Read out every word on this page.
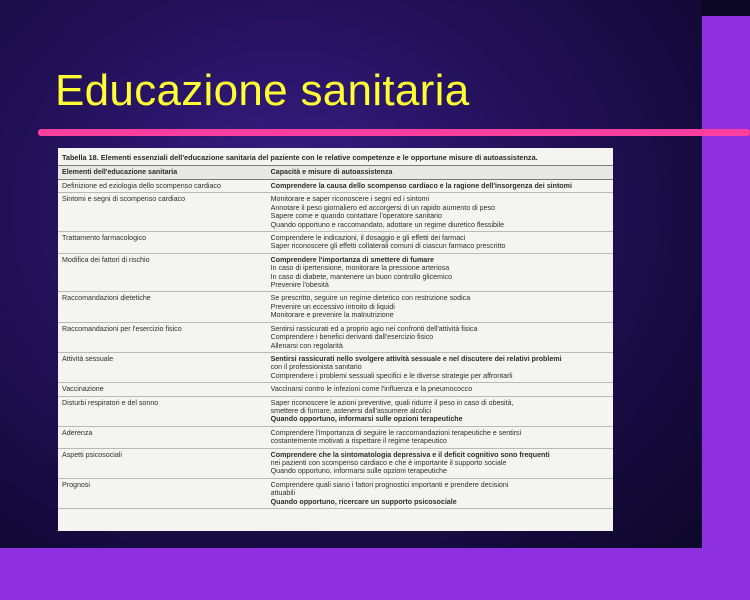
Educazione sanitaria
Tabella 18. Elementi essenziali dell'educazione sanitaria del paziente con le relative competenze e le opportune misure di autoassistenza.
Elementi dell'educazione sanitaria	Capacità e misure di autoassistenza
Definizione ed eziologia dello scompenso cardiaco	Comprendere la causa dello scompenso cardiaco e la ragione dell'insorgenza dei sintomi

Sintomi e segni di scompenso cardiaco	Monitorare e saper riconoscere i segni ed i sintomi
Annotare il peso giornaliero ed accorgersi di un rapido aumento di peso
Sapere come e quando contattare l'operatore sanitario
Quando opportuno e raccomandato, adottare un regime diuretico flessibile

Trattamento farmacologico	Comprendere le indicazioni, il dosaggio e gli effetti dei farmaci
Saper riconoscere gli effetti collaterali comuni di ciascun farmaco prescritto

Modifica dei fattori di rischio	Comprendere l'importanza di smettere di fumare
In caso di ipertensione, monitorare la pressione arteriosa
In caso di diabete, mantenere un buon controllo glicemico
Prevenire l'obesità

Raccomandazioni dietetiche	Se prescritto, seguire un regime dietetico con restrizione sodica
Prevenire un eccessivo introito di liquidi
Monitorare e prevenire la malnutrizione

Raccomandazioni per l'esercizio fisico	Sentirsi rassicurati ed a proprio agio nei confronti dell'attività fisica
Comprendere i benefici derivanti dall'esercizio fisico
Allenarsi con regolarità

Attività sessuale	Sentirsi rassicurati nello svolgere attività sessuale e nel discutere dei relativi problemi
con il professionista sanitario
Comprendere i problemi sessuali specifici e le diverse strategie per affrontarli

Vaccinazione	Vaccinarsi contro le infezioni come l'influenza e la pneumococco

Disturbi respiratori e del sonno	Saper riconoscere le azioni preventive, quali ridurre il peso in caso di obesità,
smettere di fumare, astenersi dall'assumere alcolici
Quando opportuno, informarsi sulle opzioni terapeutiche

Aderenza	Comprendere l'importanza di seguire le raccomandazioni terapeutiche e sentirsi
costantemente motivati a rispettare il regime terapeutico

Aspetti psicosociali	Comprendere che la sintomatologia depressiva e il deficit cognitivo sono frequenti
nei pazienti con scompenso cardiaco e che è importante il supporto sociale
Quando opportuno, informarsi sulle opzioni terapeutiche

Prognosi	Comprendere quali siano i fattori prognostici importanti e prendere decisioni
attuabili
Quando opportuno, ricercare un supporto psicosociale
